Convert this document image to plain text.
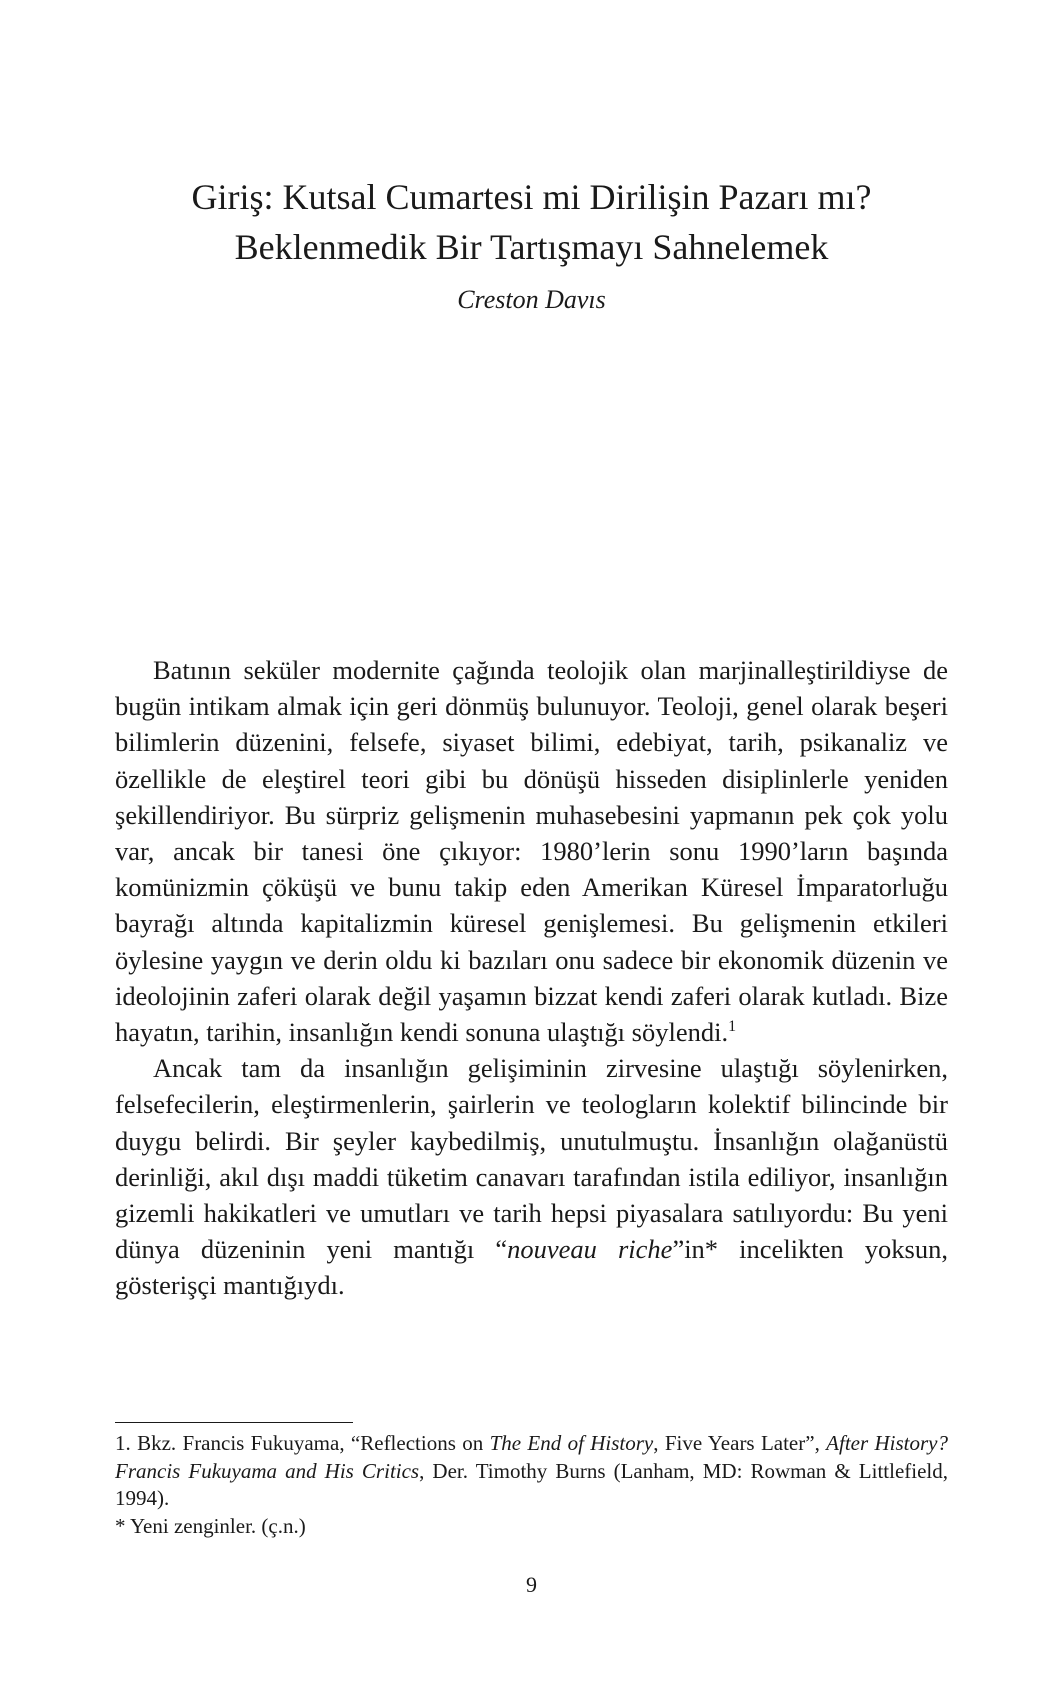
Giriş: Kutsal Cumartesi mi Dirilişin Pazarı mı?
Beklenmedik Bir Tartışmayı Sahnelemek
Creston Davıs

Batının seküler modernite çağında teolojik olan marjinalleştirildiyse de bugün intikam almak için geri dönmüş bulunuyor. Teoloji, genel olarak beşeri bilimlerin düzenini, felsefe, siyaset bilimi, edebiyat, tarih, psikanaliz ve özellikle de eleştirel teori gibi bu dönüşü hisseden disiplinlerle yeniden şekillendiriyor. Bu sürpriz gelişmenin muhasebesini yapmanın pek çok yolu var, ancak bir tanesi öne çıkıyor: 1980’lerin sonu 1990’ların başında komünizmin çöküşü ve bunu takip eden Amerikan Küresel İmparatorluğu bayrağı altında kapitalizmin küresel genişlemesi. Bu gelişmenin etkileri öylesine yaygın ve derin oldu ki bazıları onu sadece bir ekonomik düzenin ve ideolojinin zaferi olarak değil yaşamın bizzat kendi zaferi olarak kutladı. Bize hayatın, tarihin, insanlığın kendi sonuna ulaştığı söylendi.$^1$

Ancak tam da insanlığın gelişiminin zirvesine ulaştığı söylenirken, felsefecilerin, eleştirmenlerin, şairlerin ve teologların kolektif bilincinde bir duygu belirdi. Bir şeyler kaybedilmiş, unutulmuştu. İnsanlığın olağanüstü derinliği, akıl dışı maddi tüketim canavarı tarafından istila ediliyor, insanlığın gizemli hakikatleri ve umutları ve tarih hepsi piyasalara satılıyordu: Bu yeni dünya düzeninin yeni mantığı “nouveau riche”in* incelikten yoksun, gösterişçi mantığıydı.

1. Bkz. Francis Fukuyama, “Reflections on The End of History, Five Years Later”, After History? Francis Fukuyama and His Critics, Der. Timothy Burns (Lanham, MD: Rowman & Littlefield, 1994).

* Yeni zenginler. (ç.n.)

9
